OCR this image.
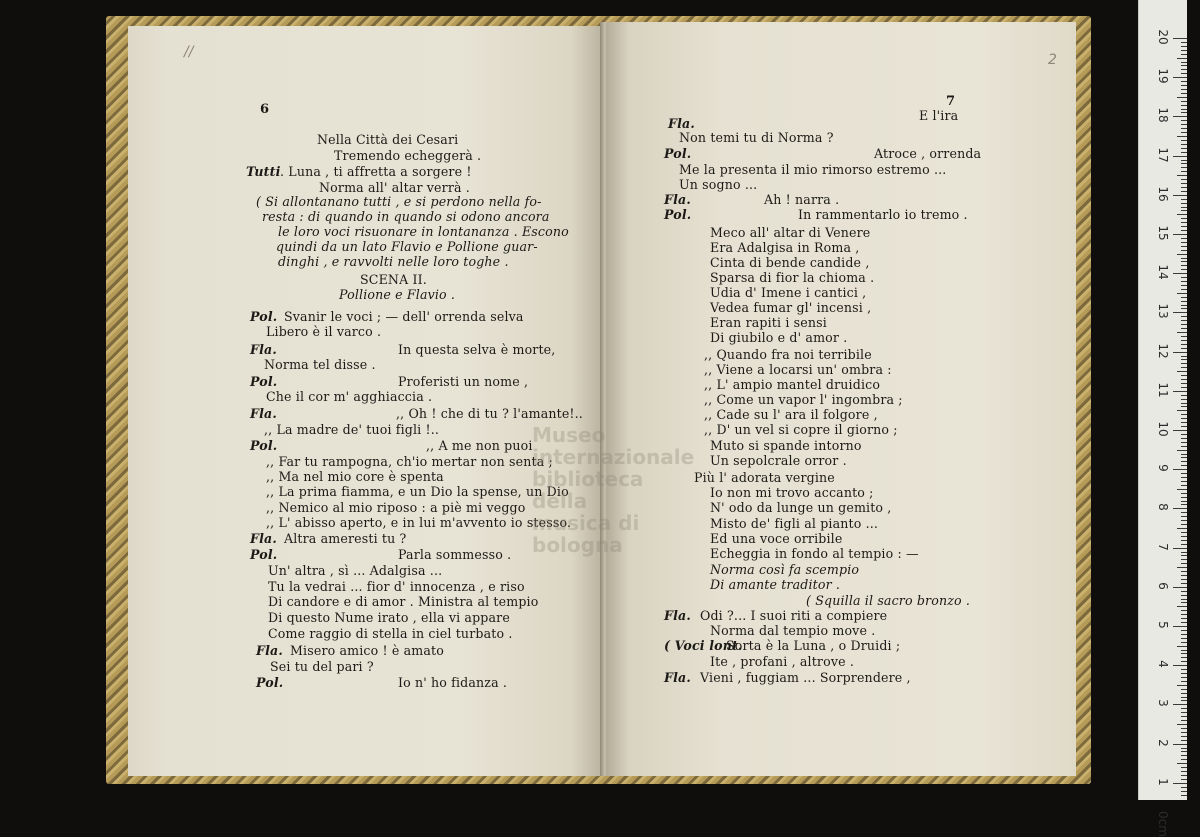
//
6
Nella Città dei Cesari
Tremendo echeggerà .
Tutti . Luna , ti affretta a sorgere !
Norma all' altar verrà .
( Si allontanano tutti , e si perdono nella fo-
resta : di quando in quando si odono ancora
le loro voci risuonare in lontananza . Escono
quindi da un lato Flavio e Pollione guar-
dinghi , e ravvolti nelle loro toghe .
SCENA II.
Pollione e Flavio .
Pol. Svanir le voci ; — dell' orrenda selva
Libero è il varco .
Fla.	In questa selva è morte,
Norma tel disse .
Pol.	Proferisti un nome ,
Che il cor m' agghiaccia .
Fla.	,, Oh ! che di tu ? l'amante!..
,, La madre de' tuoi figli !..
Pol.	,, A me non puoi
,, Far tu rampogna, ch'io mertar non senta ;
,, Ma nel mio core è spenta
,, La prima fiamma, e un Dio la spense, un Dio
,, Nemico al mio riposo : a piè mi veggo
,, L' abisso aperto, e in lui m'avvento io stesso.
Fla. Altra ameresti tu ?
Pol.	Parla sommesso .
Un' altra , sì ... Adalgisa ...
Tu la vedrai ... fior d' innocenza , e riso
Di candore e di amor . Ministra al tempio
Di questo Nume irato , ella vi appare
Come raggio di stella in ciel turbato .
Fla. Misero amico ! è amato
Sei tu del pari ?
Pol.	Io n' ho fidanza .
2
7
E l'ira
Fla.
Non temi tu di Norma ?
Pol.	Atroce , orrenda
Me la presenta il mio rimorso estremo ...
Un sogno ...
Fla.	Ah ! narra .
Pol.	In rammentarlo io tremo .
Meco all' altar di Venere
Era Adalgisa in Roma ,
Cinta di bende candide ,
Sparsa di fior la chioma .
Udia d' Imene i cantici ,
Vedea fumar gl' incensi ,
Eran rapiti i sensi
Di giubilo e d' amor .
,, Quando fra noi terribile
,, Viene a locarsi un' ombra :
,, L' ampio mantel druidico
,, Come un vapor l' ingombra ;
,, Cade su l' ara il folgore ,
,, D' un vel si copre il giorno ;
Muto si spande intorno
Un sepolcrale orror .
Più l' adorata vergine
Io non mi trovo accanto ;
N' odo da lunge un gemito ,
Misto de' figli al pianto ...
Ed una voce orribile
Echeggia in fondo al tempio : —
Norma così fa scempio
Di amante traditor .
( Squilla il sacro bronzo .
Fla. Odi ?... I suoi riti a compiere
Norma dal tempio move .
( Voci lont.
Sorta è la Luna , o Druidi ;
Ite , profani , altrove .
Fla. Vieni , fuggiam ... Sorprendere ,
Museo internazionale
biblioteca della
musica di
bologna
20
19
18
17
16
15
14
13
12
11
10
9
8
7
6
5
4
3
2
1
0cm
